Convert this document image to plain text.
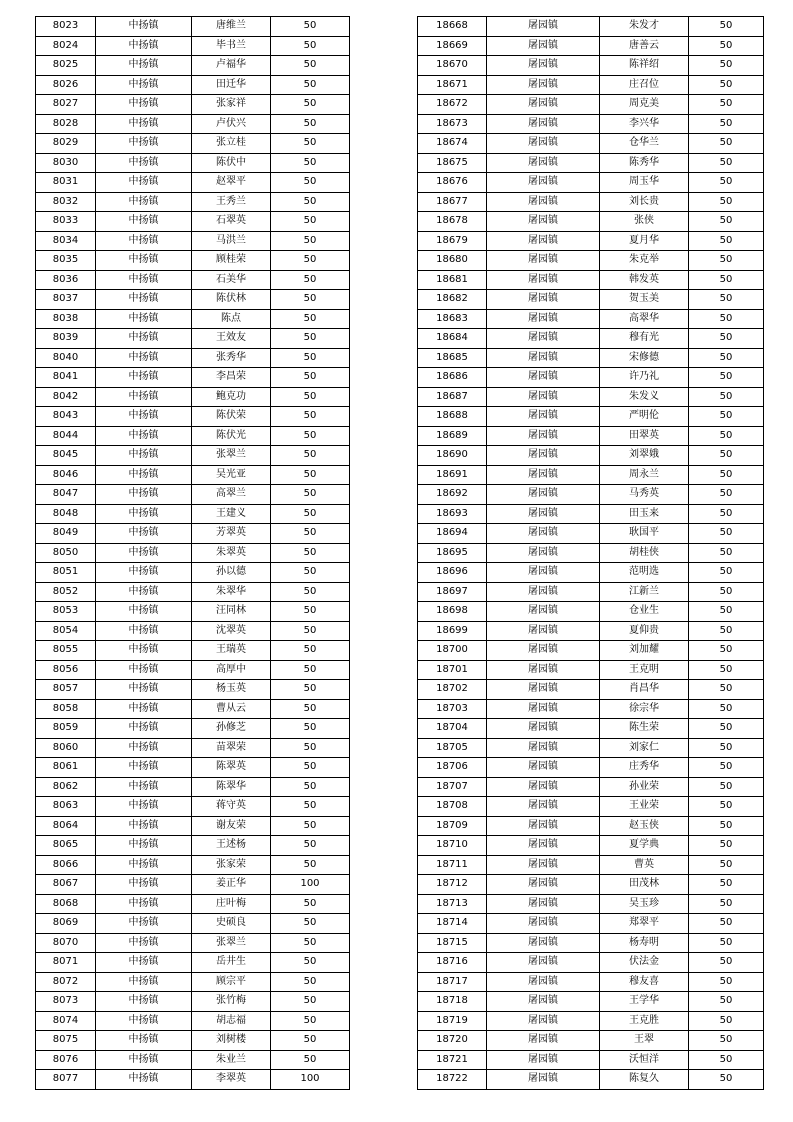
8023	中扬镇	唐维兰	50
8024	中扬镇	毕书兰	50
8025	中扬镇	卢福华	50
8026	中扬镇	田迁华	50
8027	中扬镇	张家祥	50
8028	中扬镇	卢伏兴	50
8029	中扬镇	张立桂	50
8030	中扬镇	陈伏中	50
8031	中扬镇	赵翠平	50
8032	中扬镇	王秀兰	50
8033	中扬镇	石翠英	50
8034	中扬镇	马洪兰	50
8035	中扬镇	顾桂荣	50
8036	中扬镇	石美华	50
8037	中扬镇	陈伏林	50
8038	中扬镇	陈点	50
8039	中扬镇	王效友	50
8040	中扬镇	张秀华	50
8041	中扬镇	李昌荣	50
8042	中扬镇	鲍克功	50
8043	中扬镇	陈伏荣	50
8044	中扬镇	陈伏光	50
8045	中扬镇	张翠兰	50
8046	中扬镇	吴光亚	50
8047	中扬镇	高翠兰	50
8048	中扬镇	王建义	50
8049	中扬镇	芳翠英	50
8050	中扬镇	朱翠英	50
8051	中扬镇	孙以德	50
8052	中扬镇	朱翠华	50
8053	中扬镇	汪同林	50
8054	中扬镇	沈翠英	50
8055	中扬镇	王瑞英	50
8056	中扬镇	高厚中	50
8057	中扬镇	杨玉英	50
8058	中扬镇	曹从云	50
8059	中扬镇	孙修芝	50
8060	中扬镇	苗翠荣	50
8061	中扬镇	陈翠英	50
8062	中扬镇	陈翠华	50
8063	中扬镇	蒋守英	50
8064	中扬镇	谢友荣	50
8065	中扬镇	王述杨	50
8066	中扬镇	张家荣	50
8067	中扬镇	姜正华	100
8068	中扬镇	庄叶梅	50
8069	中扬镇	史硕良	50
8070	中扬镇	张翠兰	50
8071	中扬镇	岳井生	50
8072	中扬镇	顾宗平	50
8073	中扬镇	张竹梅	50
8074	中扬镇	胡志福	50
8075	中扬镇	刘树楼	50
8076	中扬镇	朱业兰	50
8077	中扬镇	李翠英	100
18668	屠园镇	朱发才	50
18669	屠园镇	唐善云	50
18670	屠园镇	陈祥绍	50
18671	屠园镇	庄召位	50
18672	屠园镇	周克美	50
18673	屠园镇	李兴华	50
18674	屠园镇	仓华兰	50
18675	屠园镇	陈秀华	50
18676	屠园镇	周玉华	50
18677	屠园镇	刘长贵	50
18678	屠园镇	张侠	50
18679	屠园镇	夏月华	50
18680	屠园镇	朱克举	50
18681	屠园镇	韩发英	50
18682	屠园镇	贺玉美	50
18683	屠园镇	高翠华	50
18684	屠园镇	穆有光	50
18685	屠园镇	宋修德	50
18686	屠园镇	许乃礼	50
18687	屠园镇	朱发义	50
18688	屠园镇	严明伦	50
18689	屠园镇	田翠英	50
18690	屠园镇	刘翠娥	50
18691	屠园镇	周永兰	50
18692	屠园镇	马秀英	50
18693	屠园镇	田玉来	50
18694	屠园镇	耿国平	50
18695	屠园镇	胡桂侠	50
18696	屠园镇	范明选	50
18697	屠园镇	江新兰	50
18698	屠园镇	仓业生	50
18699	屠园镇	夏仰贵	50
18700	屠园镇	刘加耀	50
18701	屠园镇	王克明	50
18702	屠园镇	肖昌华	50
18703	屠园镇	徐宗华	50
18704	屠园镇	陈生荣	50
18705	屠园镇	刘家仁	50
18706	屠园镇	庄秀华	50
18707	屠园镇	孙业荣	50
18708	屠园镇	王业荣	50
18709	屠园镇	赵玉侠	50
18710	屠园镇	夏学典	50
18711	屠园镇	曹英	50
18712	屠园镇	田茂林	50
18713	屠园镇	吴玉珍	50
18714	屠园镇	郑翠平	50
18715	屠园镇	杨寿明	50
18716	屠园镇	伏法金	50
18717	屠园镇	穆友喜	50
18718	屠园镇	王学华	50
18719	屠园镇	王克胜	50
18720	屠园镇	王翠	50
18721	屠园镇	沃恒洋	50
18722	屠园镇	陈复久	50
